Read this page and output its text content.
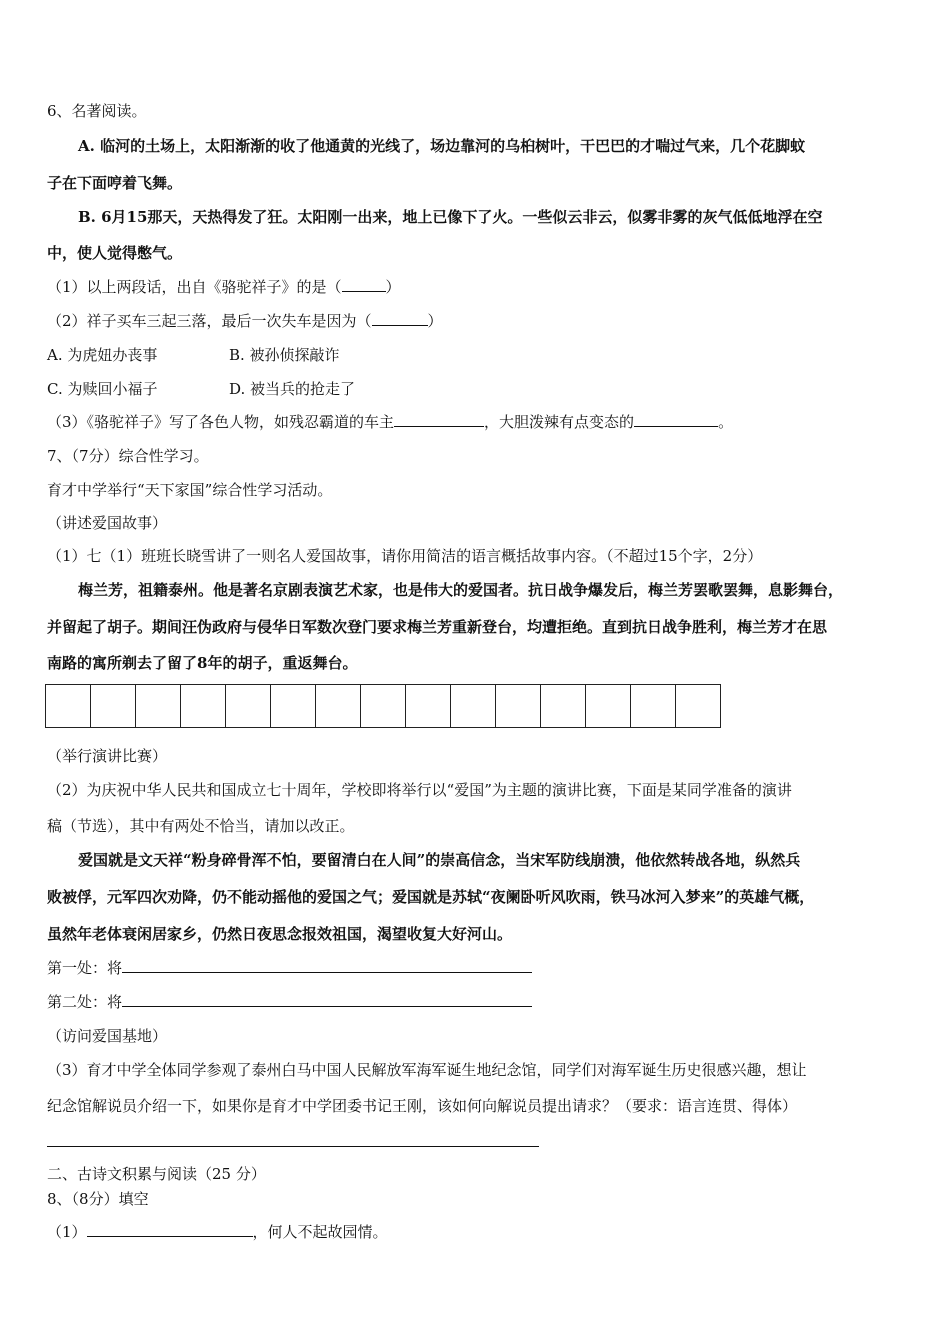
6、名著阅读。
A. 临河的土场上，太阳渐渐的收了他通黄的光线了，场边靠河的乌桕树叶，干巴巴的才喘过气来，几个花脚蚊
子在下面哼着飞舞。
B. 6月15那天，天热得发了狂。太阳刚一出来，地上已像下了火。一些似云非云，似雾非雾的灰气低低地浮在空
中，使人觉得憋气。
（1）以上两段话，出自《骆驼祥子》的是（	）
（2）祥子买车三起三落，最后一次失车是因为（	）
A. 为虎妞办丧事	B. 被孙侦探敲诈
C. 为赎回小福子	D. 被当兵的抢走了
（3）《骆驼祥子》写了各色人物，如残忍霸道的车主	，大胆泼辣有点变态的	。
7、（7分）综合性学习。
育才中学举行“天下家国”综合性学习活动。
（讲述爱国故事）
（1）七（1）班班长晓雪讲了一则名人爱国故事，请你用简洁的语言概括故事内容。（不超过15个字，2分）
梅兰芳，祖籍泰州。他是著名京剧表演艺术家，也是伟大的爱国者。抗日战争爆发后，梅兰芳罢歌罢舞，息影舞台，
并留起了胡子。期间汪伪政府与侵华日军数次登门要求梅兰芳重新登台，均遭拒绝。直到抗日战争胜利，梅兰芳才在思
南路的寓所剃去了留了8年的胡子，重返舞台。
（举行演讲比赛）
（2）为庆祝中华人民共和国成立七十周年，学校即将举行以“爱国”为主题的演讲比赛，下面是某同学准备的演讲
稿（节选），其中有两处不恰当，请加以改正。
爱国就是文天祥“粉身碎骨浑不怕，要留清白在人间”的崇高信念，当宋军防线崩溃，他依然转战各地，纵然兵
败被俘，元军四次劝降，仍不能动摇他的爱国之气；爱国就是苏轼“夜阑卧听风吹雨，铁马冰河入梦来”的英雄气概，
虽然年老体衰闲居家乡，仍然日夜思念报效祖国，渴望收复大好河山。
第一处：将
第二处：将
（访问爱国基地）
（3）育才中学全体同学参观了泰州白马中国人民解放军海军诞生地纪念馆，同学们对海军诞生历史很感兴趣，想让
纪念馆解说员介绍一下，如果你是育才中学团委书记王刚，该如何向解说员提出请求？（要求：语言连贯、得体）
二、古诗文积累与阅读（25 分）
8、（8分）填空
（1）	，何人不起故园情。
